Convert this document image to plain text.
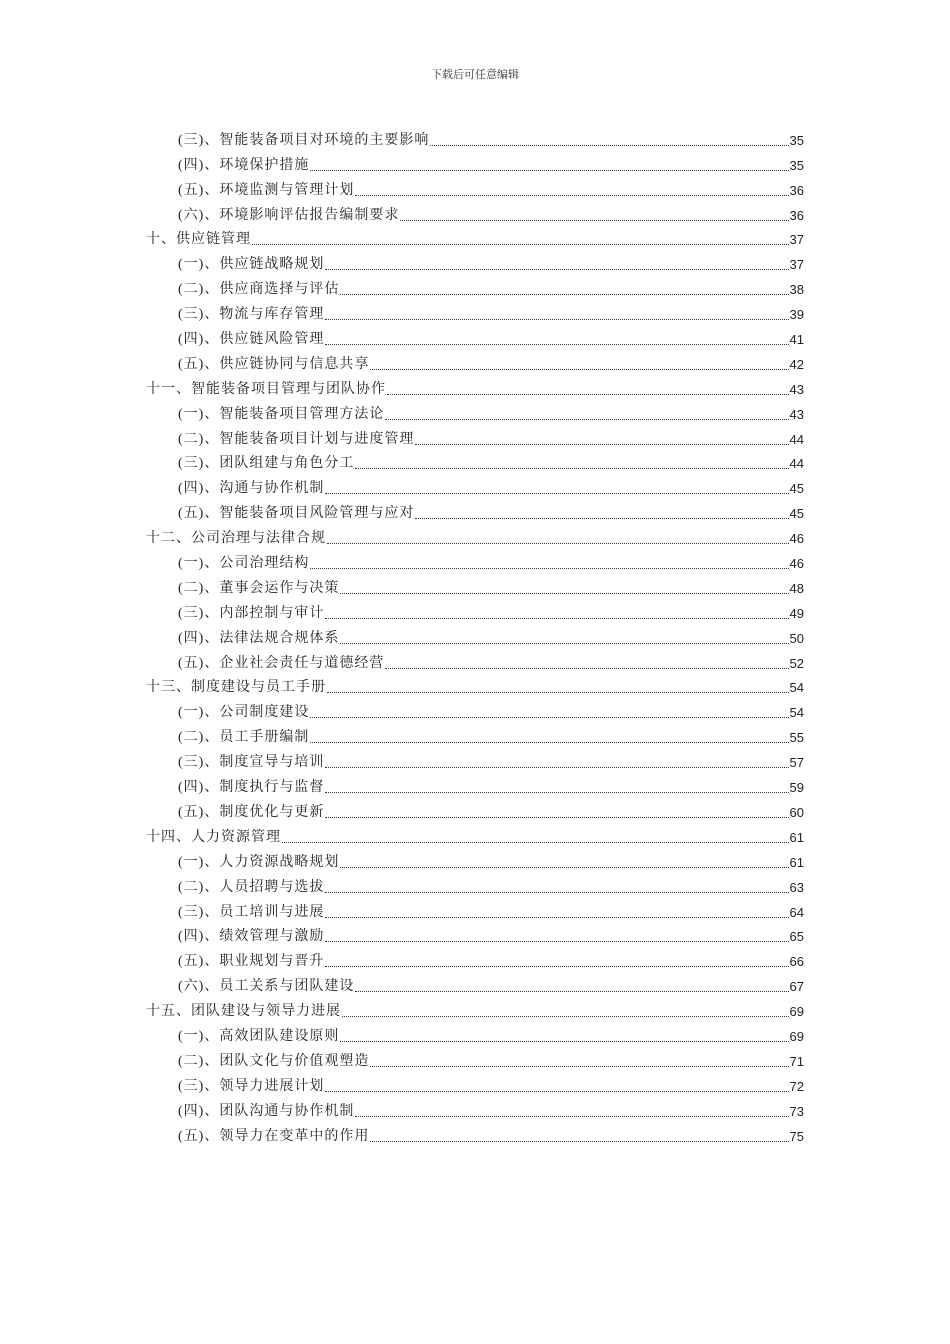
下载后可任意编辑
(三)、智能装备项目对环境的主要影响	35
(四)、环境保护措施	35
(五)、环境监测与管理计划	36
(六)、环境影响评估报告编制要求	36
十、供应链管理	37
(一)、供应链战略规划	37
(二)、供应商选择与评估	38
(三)、物流与库存管理	39
(四)、供应链风险管理	41
(五)、供应链协同与信息共享	42
十一、智能装备项目管理与团队协作	43
(一)、智能装备项目管理方法论	43
(二)、智能装备项目计划与进度管理	44
(三)、团队组建与角色分工	44
(四)、沟通与协作机制	45
(五)、智能装备项目风险管理与应对	45
十二、公司治理与法律合规	46
(一)、公司治理结构	46
(二)、董事会运作与决策	48
(三)、内部控制与审计	49
(四)、法律法规合规体系	50
(五)、企业社会责任与道德经营	52
十三、制度建设与员工手册	54
(一)、公司制度建设	54
(二)、员工手册编制	55
(三)、制度宣导与培训	57
(四)、制度执行与监督	59
(五)、制度优化与更新	60
十四、人力资源管理	61
(一)、人力资源战略规划	61
(二)、人员招聘与选拔	63
(三)、员工培训与进展	64
(四)、绩效管理与激励	65
(五)、职业规划与晋升	66
(六)、员工关系与团队建设	67
十五、团队建设与领导力进展	69
(一)、高效团队建设原则	69
(二)、团队文化与价值观塑造	71
(三)、领导力进展计划	72
(四)、团队沟通与协作机制	73
(五)、领导力在变革中的作用	75
